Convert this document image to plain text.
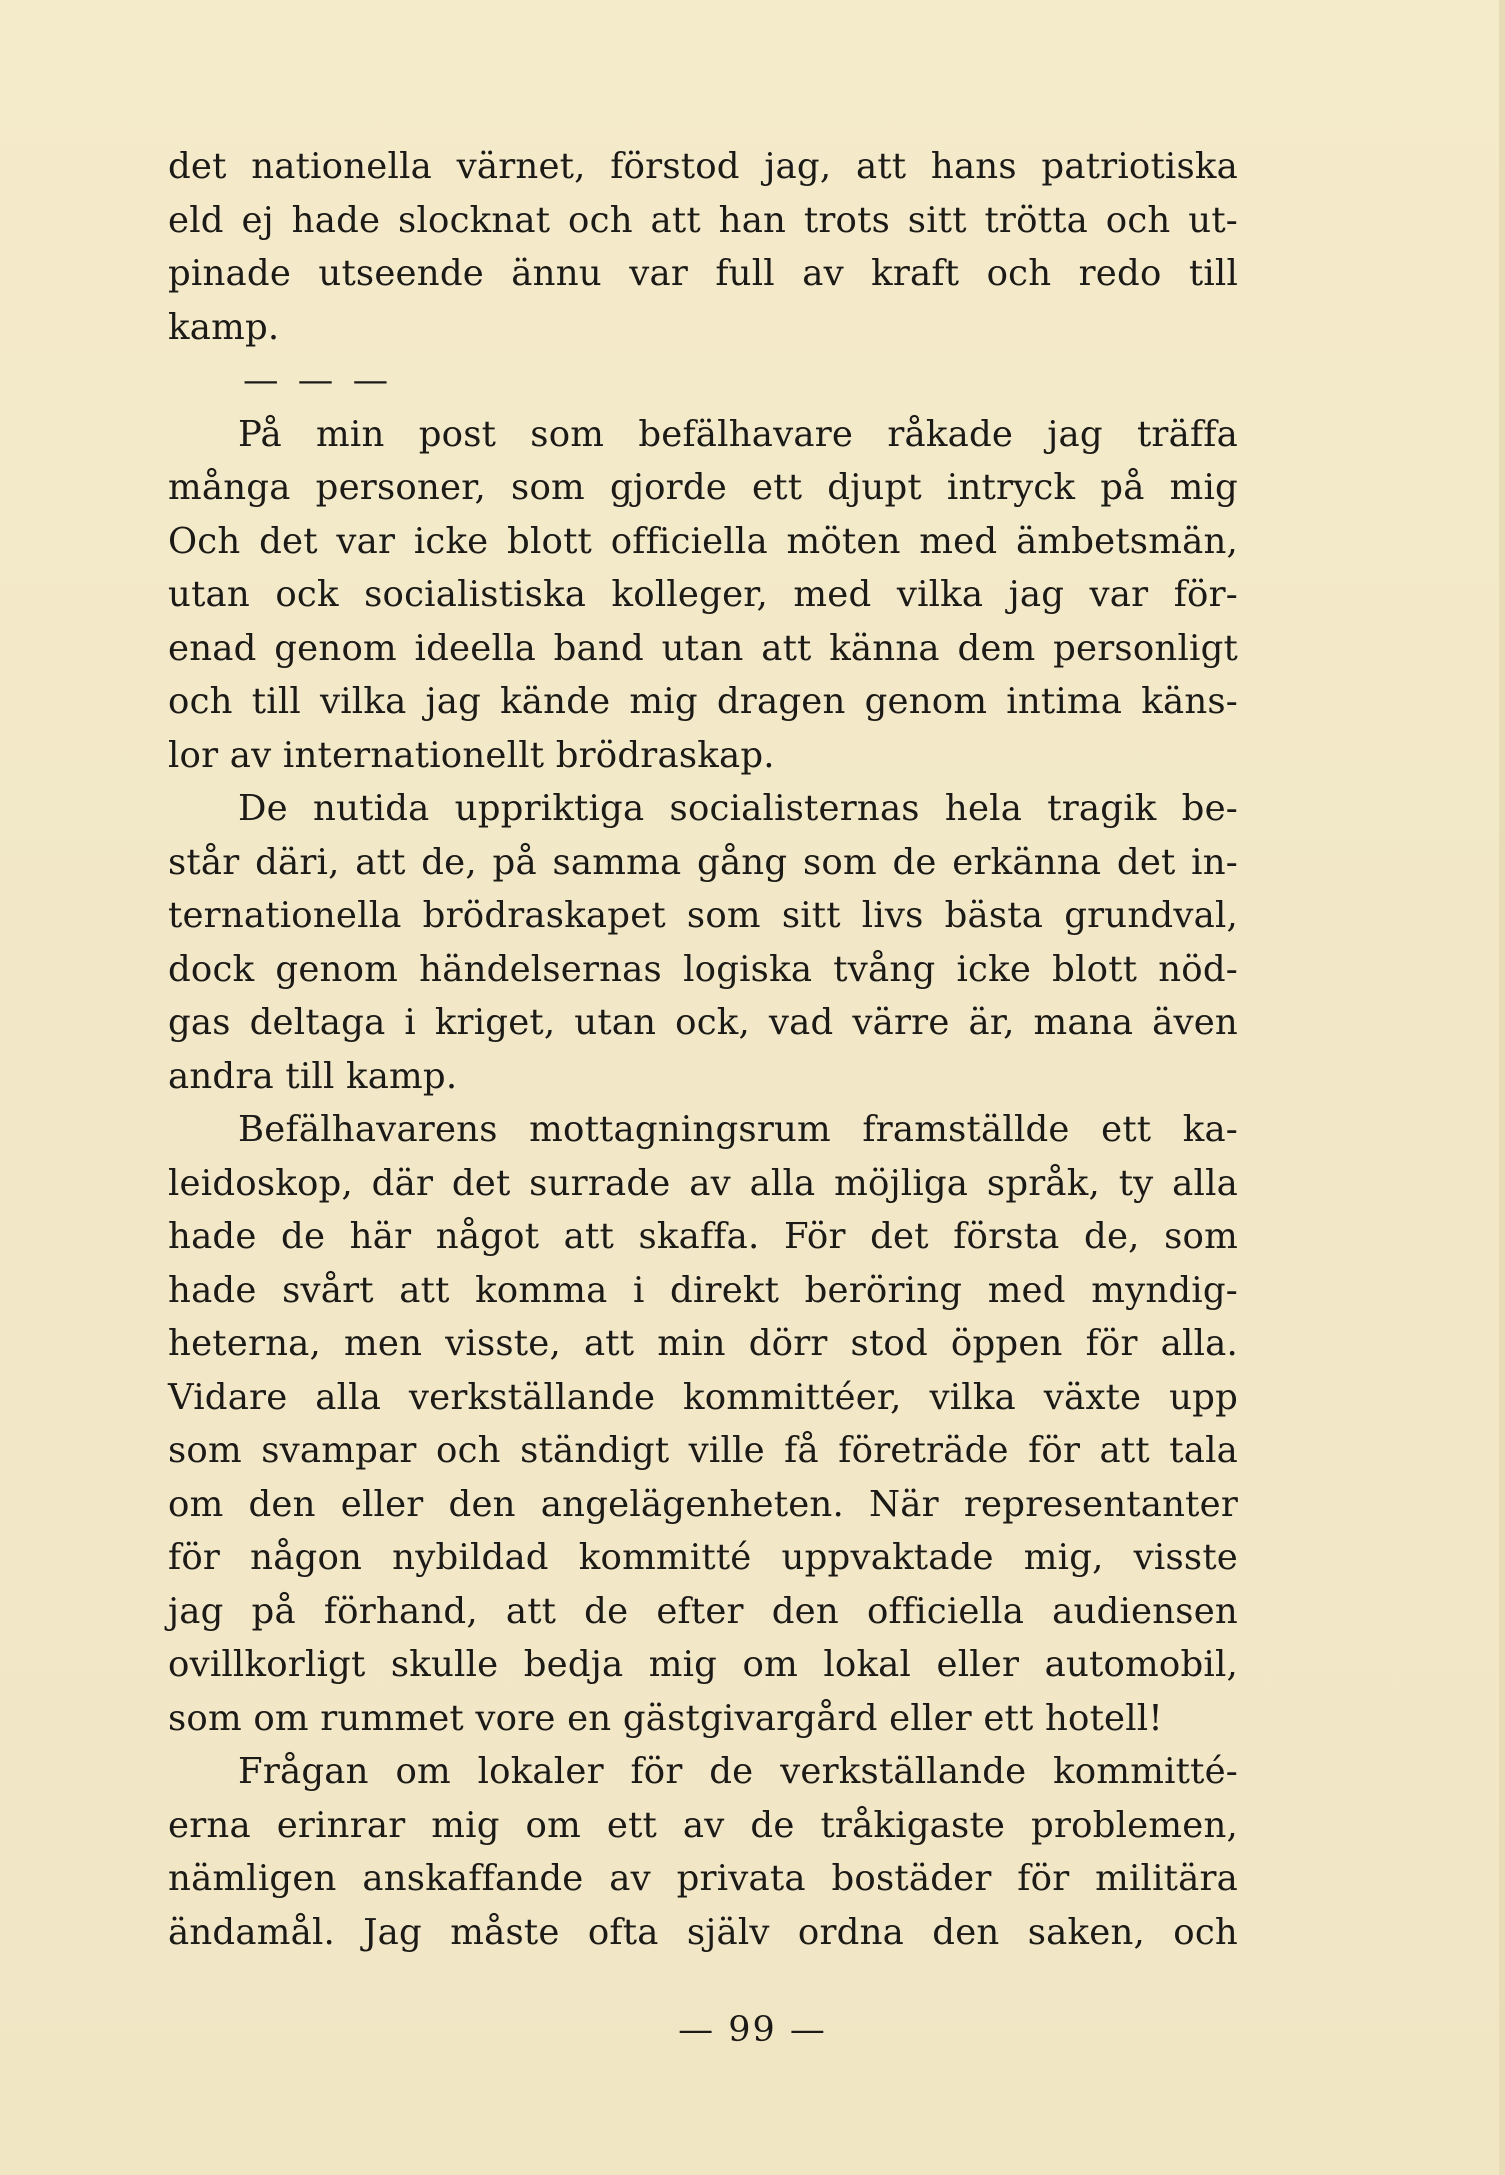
det nationella värnet, förstod jag, att hans patriotiska
eld ej hade slocknat och att han trots sitt trötta och ut-
pinade utseende ännu var full av kraft och redo till
kamp.
— — —
På min post som befälhavare råkade jag träffa
många personer, som gjorde ett djupt intryck på mig
Och det var icke blott officiella möten med ämbetsmän,
utan ock socialistiska kolleger, med vilka jag var för-
enad genom ideella band utan att känna dem personligt
och till vilka jag kände mig dragen genom intima käns-
lor av internationellt brödraskap.
De nutida uppriktiga socialisternas hela tragik be-
står däri, att de, på samma gång som de erkänna det in-
ternationella brödraskapet som sitt livs bästa grundval,
dock genom händelsernas logiska tvång icke blott nöd-
gas deltaga i kriget, utan ock, vad värre är, mana även
andra till kamp.
Befälhavarens mottagningsrum framställde ett ka-
leidoskop, där det surrade av alla möjliga språk, ty alla
hade de här något att skaffa. För det första de, som
hade svårt att komma i direkt beröring med myndig-
heterna, men visste, att min dörr stod öppen för alla.
Vidare alla verkställande kommittéer, vilka växte upp
som svampar och ständigt ville få företräde för att tala
om den eller den angelägenheten. När representanter
för någon nybildad kommitté uppvaktade mig, visste
jag på förhand, att de efter den officiella audiensen
ovillkorligt skulle bedja mig om lokal eller automobil,
som om rummet vore en gästgivargård eller ett hotell!
Frågan om lokaler för de verkställande kommitté-
erna erinrar mig om ett av de tråkigaste problemen,
nämligen anskaffande av privata bostäder för militära
ändamål. Jag måste ofta själv ordna den saken, och
— 99 —
